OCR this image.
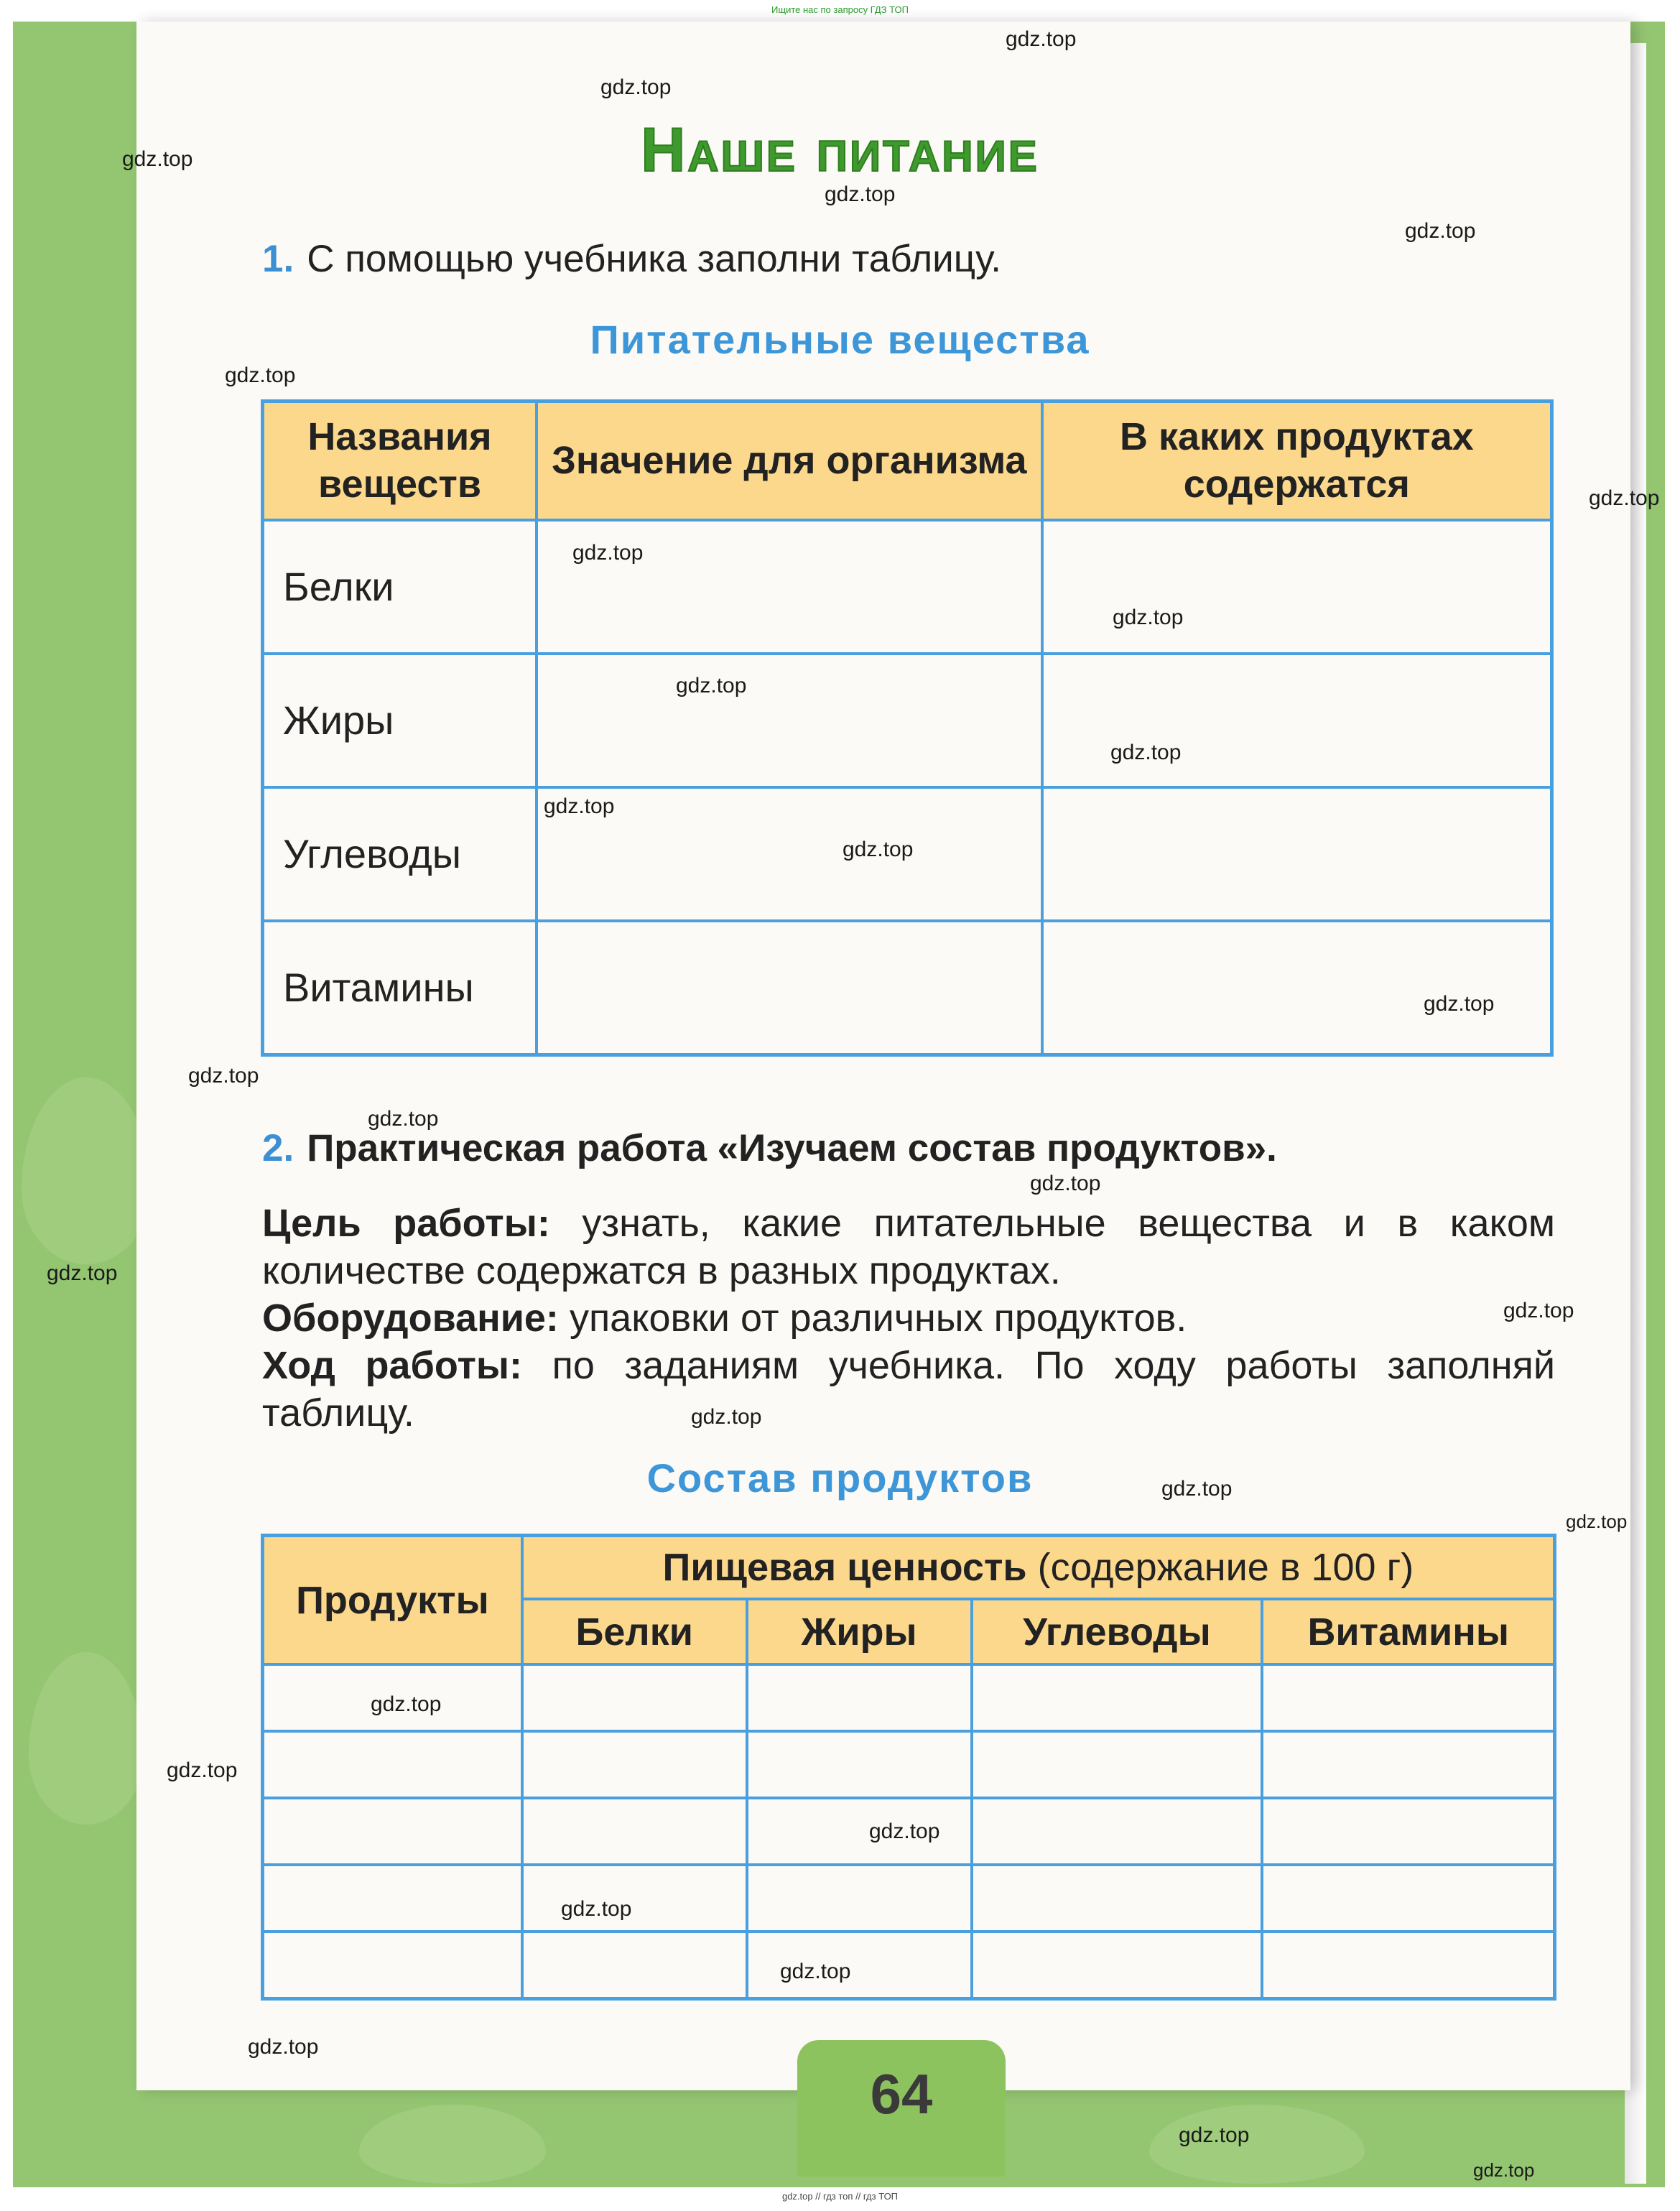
Ищите нас по запросу ГДЗ ТОП
Наше питание
1. С помощью учебника заполни таблицу.
Питательные вещества
Названия веществ	Значение для организма	В каких продуктах содержатся
Белки		
Жиры		
Углеводы		
Витамины		
2. Практическая работа «Изучаем состав продуктов».
Цель работы: узнать, какие питательные вещества и в каком количестве содержатся в разных продуктах.
Оборудование: упаковки от различных продуктов.
Ход работы: по заданиям учебника. По ходу работы заполняй таблицу.
Состав продуктов
Продукты	Пищевая ценность (содержание в 100 г)			
	Белки	Жиры	Углеводы	Витамины

64
gdz.top // гдз топ // гдз ТОП
gdz.top
gdz.top
gdz.top
gdz.top
gdz.top
gdz.top
gdz.top
gdz.top
gdz.top
gdz.top
gdz.top
gdz.top
gdz.top
gdz.top
gdz.top
gdz.top
gdz.top
gdz.top
gdz.top
gdz.top
gdz.top
gdz.top
gdz.top
gdz.top
gdz.top
gdz.top
gdz.top
gdz.top
gdz.top
gdz.top
